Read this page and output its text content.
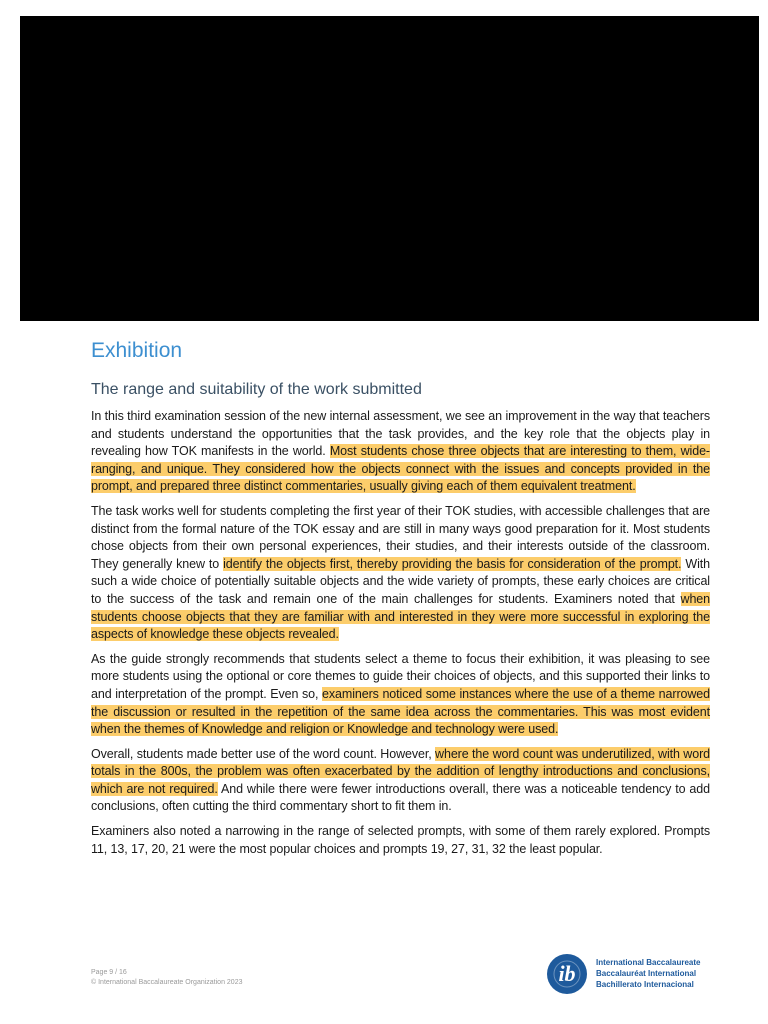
Exhibition
The range and suitability of the work submitted

In this third examination session of the new internal assessment, we see an improvement in the way that teachers and students understand the opportunities that the task provides, and the key role that the objects play in revealing how TOK manifests in the world. Most students chose three objects that are interesting to them, wide-ranging, and unique. They considered how the objects connect with the issues and concepts provided in the prompt, and prepared three distinct commentaries, usually giving each of them equivalent treatment.

The task works well for students completing the first year of their TOK studies, with accessible challenges that are distinct from the formal nature of the TOK essay and are still in many ways good preparation for it. Most students chose objects from their own personal experiences, their studies, and their interests outside of the classroom. They generally knew to identify the objects first, thereby providing the basis for consideration of the prompt. With such a wide choice of potentially suitable objects and the wide variety of prompts, these early choices are critical to the success of the task and remain one of the main challenges for students. Examiners noted that when students choose objects that they are familiar with and interested in they were more successful in exploring the aspects of knowledge these objects revealed.

As the guide strongly recommends that students select a theme to focus their exhibition, it was pleasing to see more students using the optional or core themes to guide their choices of objects, and this supported their links to and interpretation of the prompt. Even so, examiners noticed some instances where the use of a theme narrowed the discussion or resulted in the repetition of the same idea across the commentaries. This was most evident when the themes of Knowledge and religion or Knowledge and technology were used.

Overall, students made better use of the word count. However, where the word count was underutilized, with word totals in the 800s, the problem was often exacerbated by the addition of lengthy introductions and conclusions, which are not required. And while there were fewer introductions overall, there was a noticeable tendency to add conclusions, often cutting the third commentary short to fit them in.

Examiners also noted a narrowing in the range of selected prompts, with some of them rarely explored. Prompts 11, 13, 17, 20, 21 were the most popular choices and prompts 19, 27, 31, 32 the least popular.

Page 9 / 16
© International Baccalaureate Organization 2023	ib	International Baccalaureate
Baccalauréat International
Bachillerato Internacional
